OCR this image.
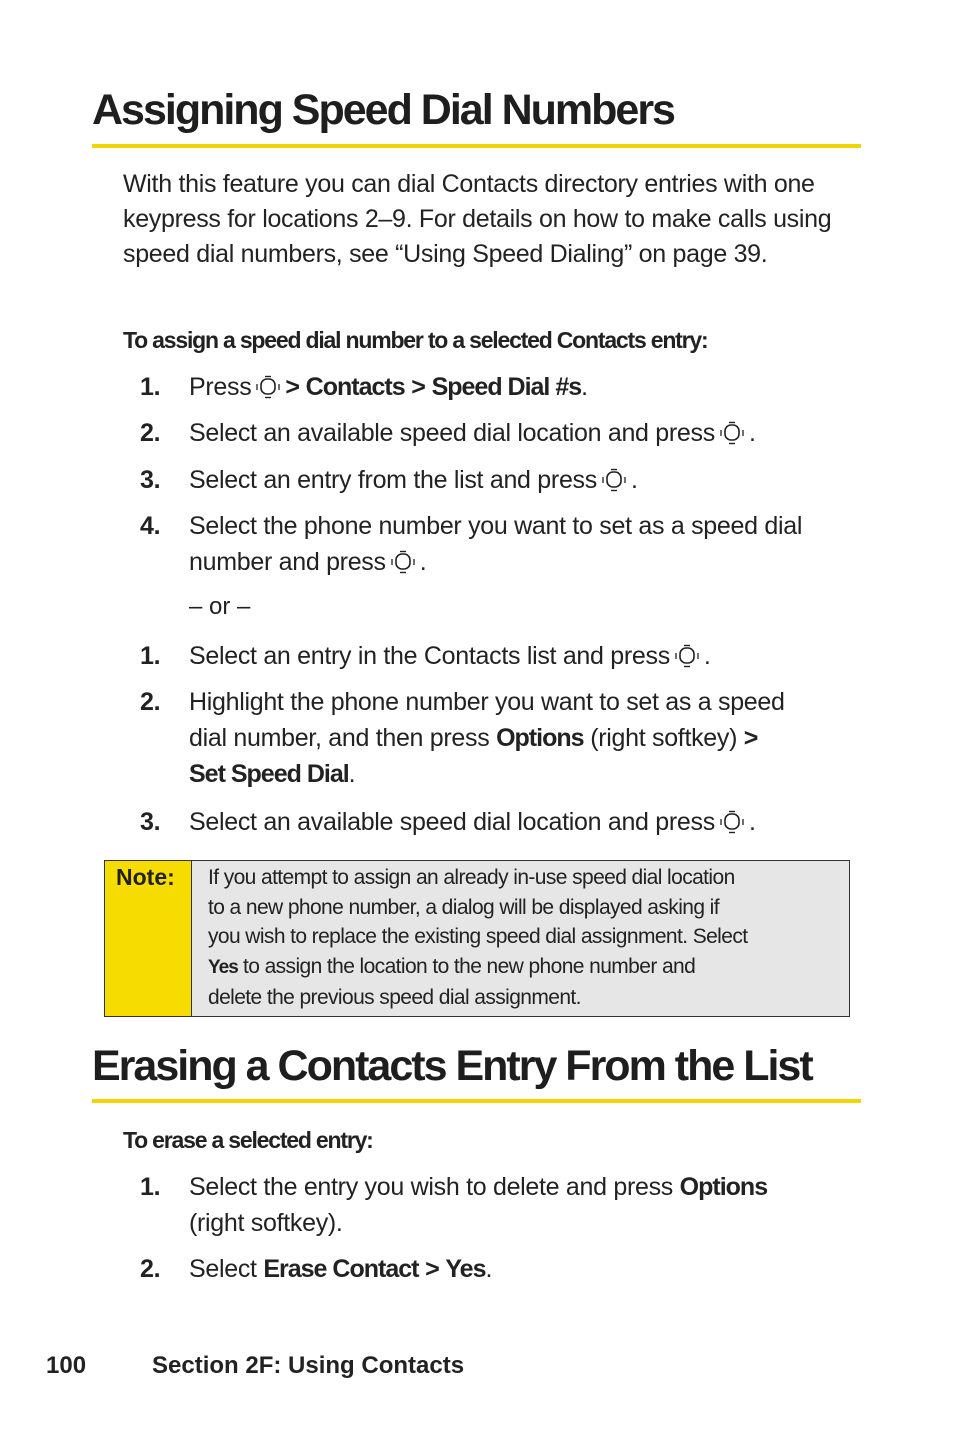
Assigning Speed Dial Numbers

With this feature you can dial Contacts directory entries with one keypress for locations 2–9. For details on how to make calls using speed dial numbers, see “Using Speed Dialing” on page 39.

To assign a speed dial number to a selected Contacts entry:

1. Press > Contacts > Speed Dial #s.
2. Select an available speed dial location and press .
3. Select an entry from the list and press .
4. Select the phone number you want to set as a speed dial
number and press .
– or –
1. Select an entry in the Contacts list and press .
2. Highlight the phone number you want to set as a speed
dial number, and then press Options (right softkey) >
Set Speed Dial.
3. Select an available speed dial location and press .
Note: If you attempt to assign an already in-use speed dial location
to a new phone number, a dialog will be displayed asking if
you wish to replace the existing speed dial assignment. Select
Yes to assign the location to the new phone number and
delete the previous speed dial assignment.
Erasing a Contacts Entry From the List

To erase a selected entry:

1. Select the entry you wish to delete and press Options
(right softkey).
2. Select Erase Contact > Yes.
100	Section 2F: Using Contacts
